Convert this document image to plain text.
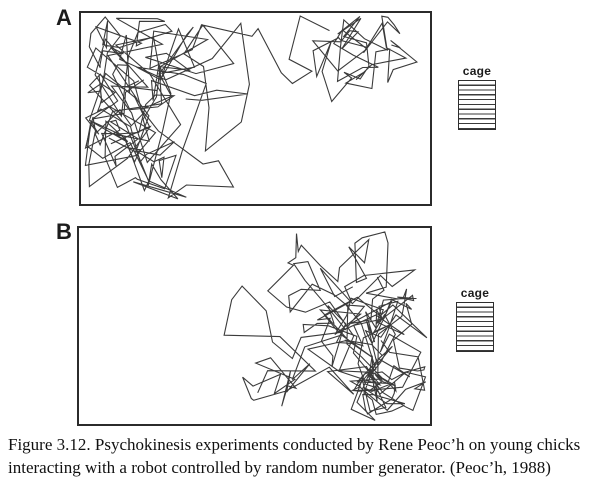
A
cage
B
cage
Figure 3.12. Psychokinesis experiments conducted by Rene Peoc’h on young chicks
interacting with a robot controlled by random number generator. (Peoc’h, 1988)
